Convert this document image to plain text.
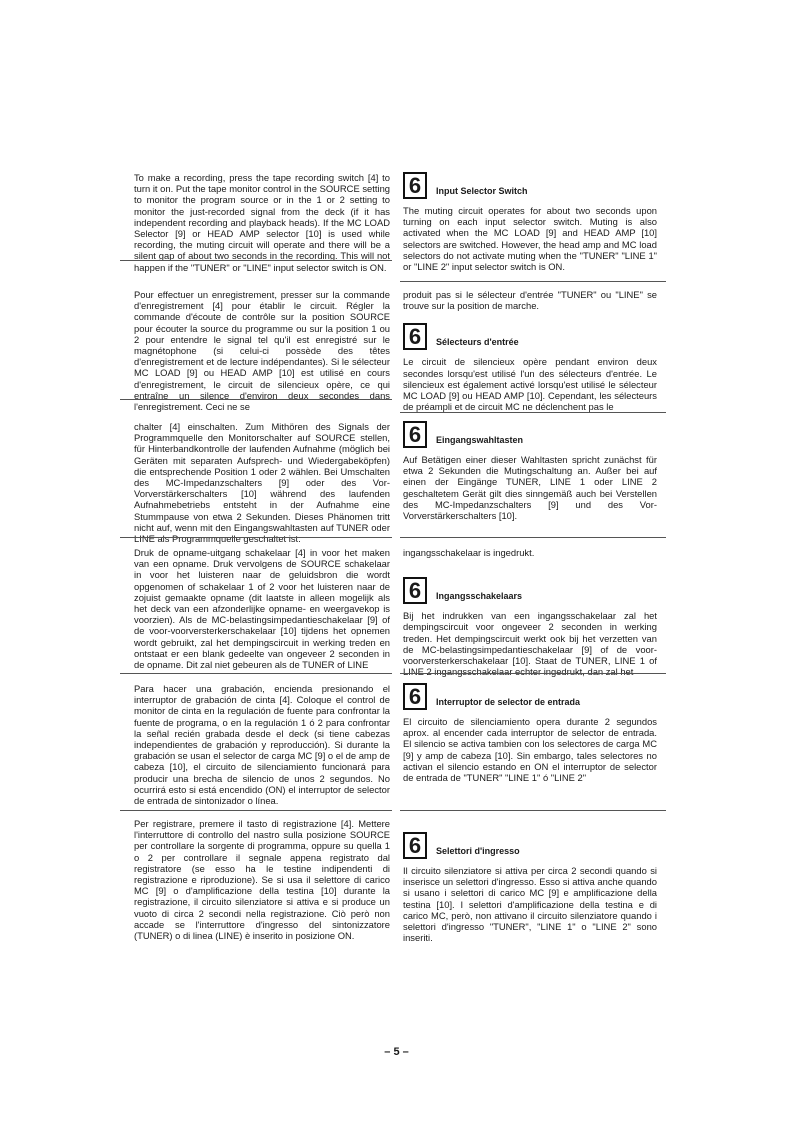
To make a recording, press the tape recording switch [4] to turn it on. Put the tape monitor control in the SOURCE setting to monitor the program source or in the 1 or 2 setting to monitor the just-recorded signal from the deck (if it has independent recording and playback heads). If the MC LOAD Selector [9] or HEAD AMP selector [10] is used while recording, the muting circuit will operate and there will be a silent gap of about two seconds in the recording. This will not happen if the "TUNER" or "LINE" input selector switch is ON.
6	Input Selector Switch
The muting circuit operates for about two seconds upon turning on each input selector switch. Muting is also activated when the MC LOAD [9] and HEAD AMP [10] selectors are switched. However, the head amp and MC load selectors do not activate muting when the "TUNER" "LINE 1" or "LINE 2" input selector switch is ON.
Pour effectuer un enregistrement, presser sur la commande d'enregistrement [4] pour établir le circuit. Régler la commande d'écoute de contrôle sur la position SOURCE pour écouter la source du programme ou sur la position 1 ou 2 pour entendre le signal tel qu'il est enregistré sur le magnétophone (si celui-ci possède des têtes d'enregistrement et de lecture indépendantes). Si le sélecteur MC LOAD [9] ou HEAD AMP [10] est utilisé en cours d'enregistrement, le circuit de silencieux opère, ce qui entraîne un silence d'environ deux secondes dans l'enregistrement. Ceci ne se
produit pas si le sélecteur d'entrée "TUNER" ou "LINE" se trouve sur la position de marche.
6	Sélecteurs d'entrée
Le circuit de silencieux opère pendant environ deux secondes lorsqu'est utilisé l'un des sélecteurs d'entrée. Le silencieux est également activé lorsqu'est utilisé le sélecteur MC LOAD [9] ou HEAD AMP [10]. Cependant, les sélecteurs de préampli et de circuit MC ne déclenchent pas le
chalter [4] einschalten. Zum Mithören des Signals der Programmquelle den Monitorschalter auf SOURCE stellen, für Hinterbandkontrolle der laufenden Aufnahme (möglich bei Geräten mit separaten Aufsprech- und Wiedergabeköpfen) die entsprechende Position 1 oder 2 wählen. Bei Umschalten des MC-Impedanzschalters [9] oder des Vor-Vorverstärkerschalters [10] während des laufenden Aufnahmebetriebs entsteht in der Aufnahme eine Stummpause von etwa 2 Sekunden. Dieses Phänomen tritt nicht auf, wenn mit den Eingangswahltasten auf TUNER oder LINE als Programmquelle geschaltet ist.
6	Eingangswahltasten
Auf Betätigen einer dieser Wahltasten spricht zunächst für etwa 2 Sekunden die Mutingschaltung an. Außer bei auf einen der Eingänge TUNER, LINE 1 oder LINE 2 geschaltetem Gerät gilt dies sinngemäß auch bei Verstellen des MC-Impedanzschalters [9] und des Vor-Vorverstärkerschalters [10].
Druk de opname-uitgang schakelaar [4] in voor het maken van een opname. Druk vervolgens de SOURCE schakelaar in voor het luisteren naar de geluidsbron die wordt opgenomen of schakelaar 1 of 2 voor het luisteren naar de zojuist gemaakte opname (dit laatste in alleen mogelijk als het deck van een afzonderlijke opname- en weergavekop is voorzien). Als de MC-belastingsimpedantieschakelaar [9] of de voor-voorversterkerschakelaar [10] tijdens het opnemen wordt gebruikt, zal het dempingscircuit in werking treden en ontstaat er een blank gedeelte van ongeveer 2 seconden in de opname. Dit zal niet gebeuren als de TUNER of LINE
ingangsschakelaar is ingedrukt.
6	Ingangsschakelaars
Bij het indrukken van een ingangsschakelaar zal het dempingscircuit voor ongeveer 2 seconden in werking treden. Het dempingscircuit werkt ook bij het verzetten van de MC-belastingsimpedantieschakelaar [9] of de voor-voorversterkerschakelaar [10]. Staat de TUNER, LINE 1 of LINE 2 ingangsschakelaar echter ingedrukt, dan zal het
Para hacer una grabación, encienda presionando el interruptor de grabación de cinta [4]. Coloque el control de monitor de cinta en la regulación de fuente para confrontar la fuente de programa, o en la regulación 1 ó 2 para confrontar la señal recién grabada desde el deck (si tiene cabezas independientes de grabación y reproducción). Si durante la grabación se usan el selector de carga MC [9] o el de amp de cabeza [10], el circuito de silenciamiento funcionará para producir una brecha de silencio de unos 2 segundos. No ocurrirá esto si está encendido (ON) el interruptor de selector de entrada de sintonizador o línea.
6	Interruptor de selector de entrada
El circuito de silenciamiento opera durante 2 segundos aprox. al encender cada interruptor de selector de entrada. El silencio se activa tambien con los selectores de carga MC [9] y amp de cabeza [10]. Sin embargo, tales selectores no activan el silencio estando en ON el interruptor de selector de entrada de "TUNER" "LINE 1" ó "LINE 2"
Per registrare, premere il tasto di registrazione [4]. Mettere l'interruttore di controllo del nastro sulla posizione SOURCE per controllare la sorgente di programma, oppure su quella 1 o 2 per controllare il segnale appena registrato dal registratore (se esso ha le testine indipendenti di registrazione e riproduzione). Se si usa il selettore di carico MC [9] o d'amplificazione della testina [10] durante la registrazione, il circuito silenziatore si attiva e si produce un vuoto di circa 2 secondi nella registrazione. Ciò però non accade se l'interruttore d'ingresso del sintonizzatore (TUNER) o di linea (LINE) è inserito in posizione ON.
6	Selettori d'ingresso
Il circuito silenziatore si attiva per circa 2 secondi quando si inserisce un selettori d'ingresso. Esso si attiva anche quando si usano i selettori di carico MC [9] e amplificazione della testina [10]. I selettori d'amplificazione della testina e di carico MC, però, non attivano il circuito silenziatore quando i selettori d'ingresso "TUNER", "LINE 1" o "LINE 2" sono inseriti.
– 5 –
